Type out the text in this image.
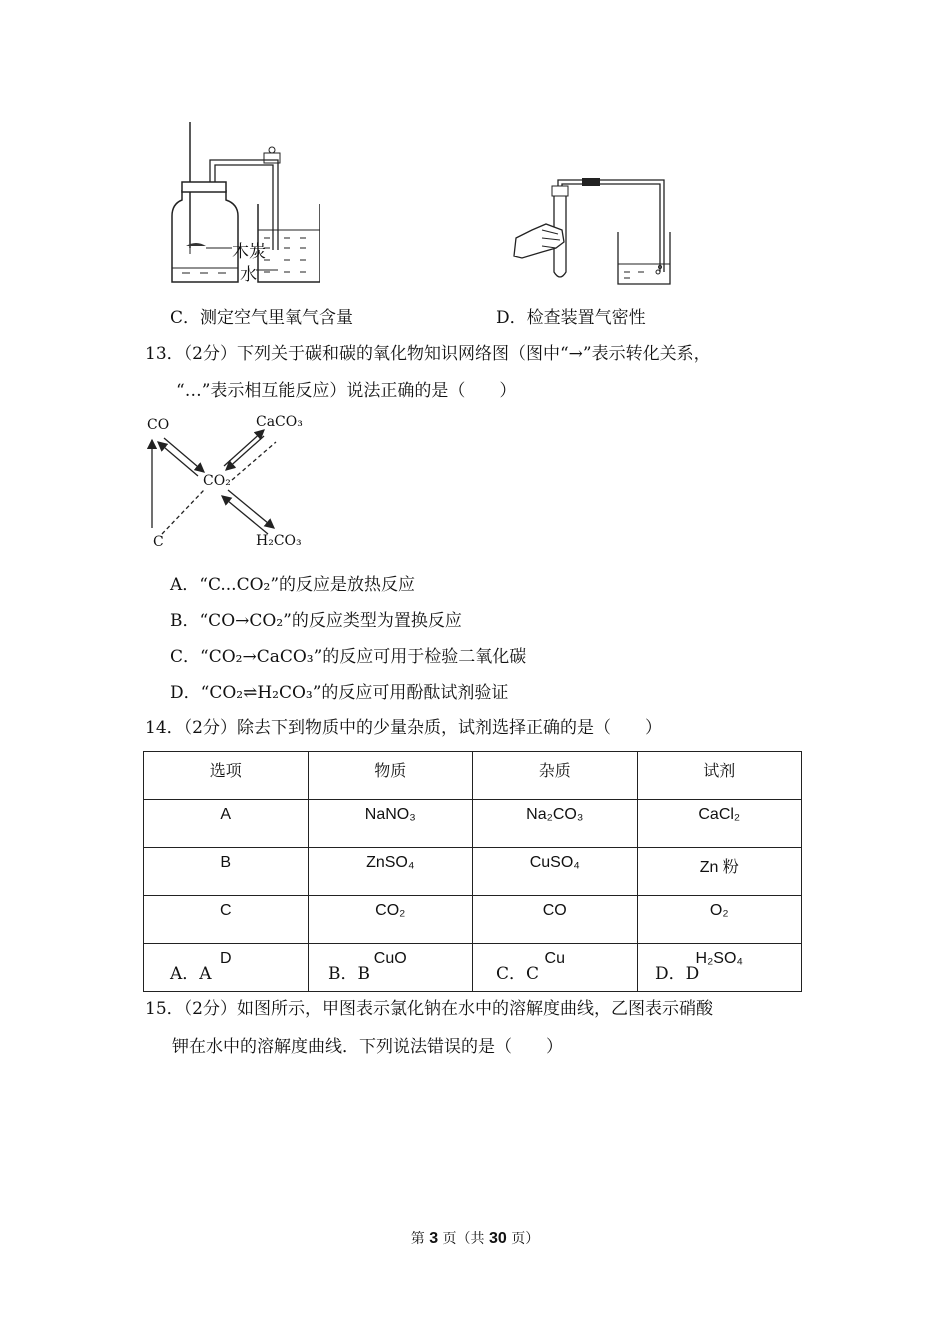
木炭
水
C．测定空气里氧气含量	D．检查装置气密性
13．（2分）下列关于碳和碳的氧化物知识网络图（图中“→”表示转化关系，
“…”表示相互能反应）说法正确的是（　　）
CO	CaCO₃
CO₂
C	H₂CO₃
A．“C...CO₂”的反应是放热反应
B．“CO→CO₂”的反应类型为置换反应
C．“CO₂→CaCO₃”的反应可用于检验二氧化碳
D．“CO₂⇌H₂CO₃”的反应可用酚酞试剂验证
14．（2分）除去下到物质中的少量杂质，试剂选择正确的是（　　）
选项	物质	杂质	试剂
A	NaNO₃	Na₂CO₃	CaCl₂
B	ZnSO₄	CuSO₄	Zn 粉
C	CO₂	CO	O₂
D	CuO	Cu	H₂SO₄
A．A	B．B	C．C	D．D
15．（2分）如图所示，甲图表示氯化钠在水中的溶解度曲线，乙图表示硝酸
钾在水中的溶解度曲线．下列说法错误的是（　　）
第 3 页（共 30 页）
